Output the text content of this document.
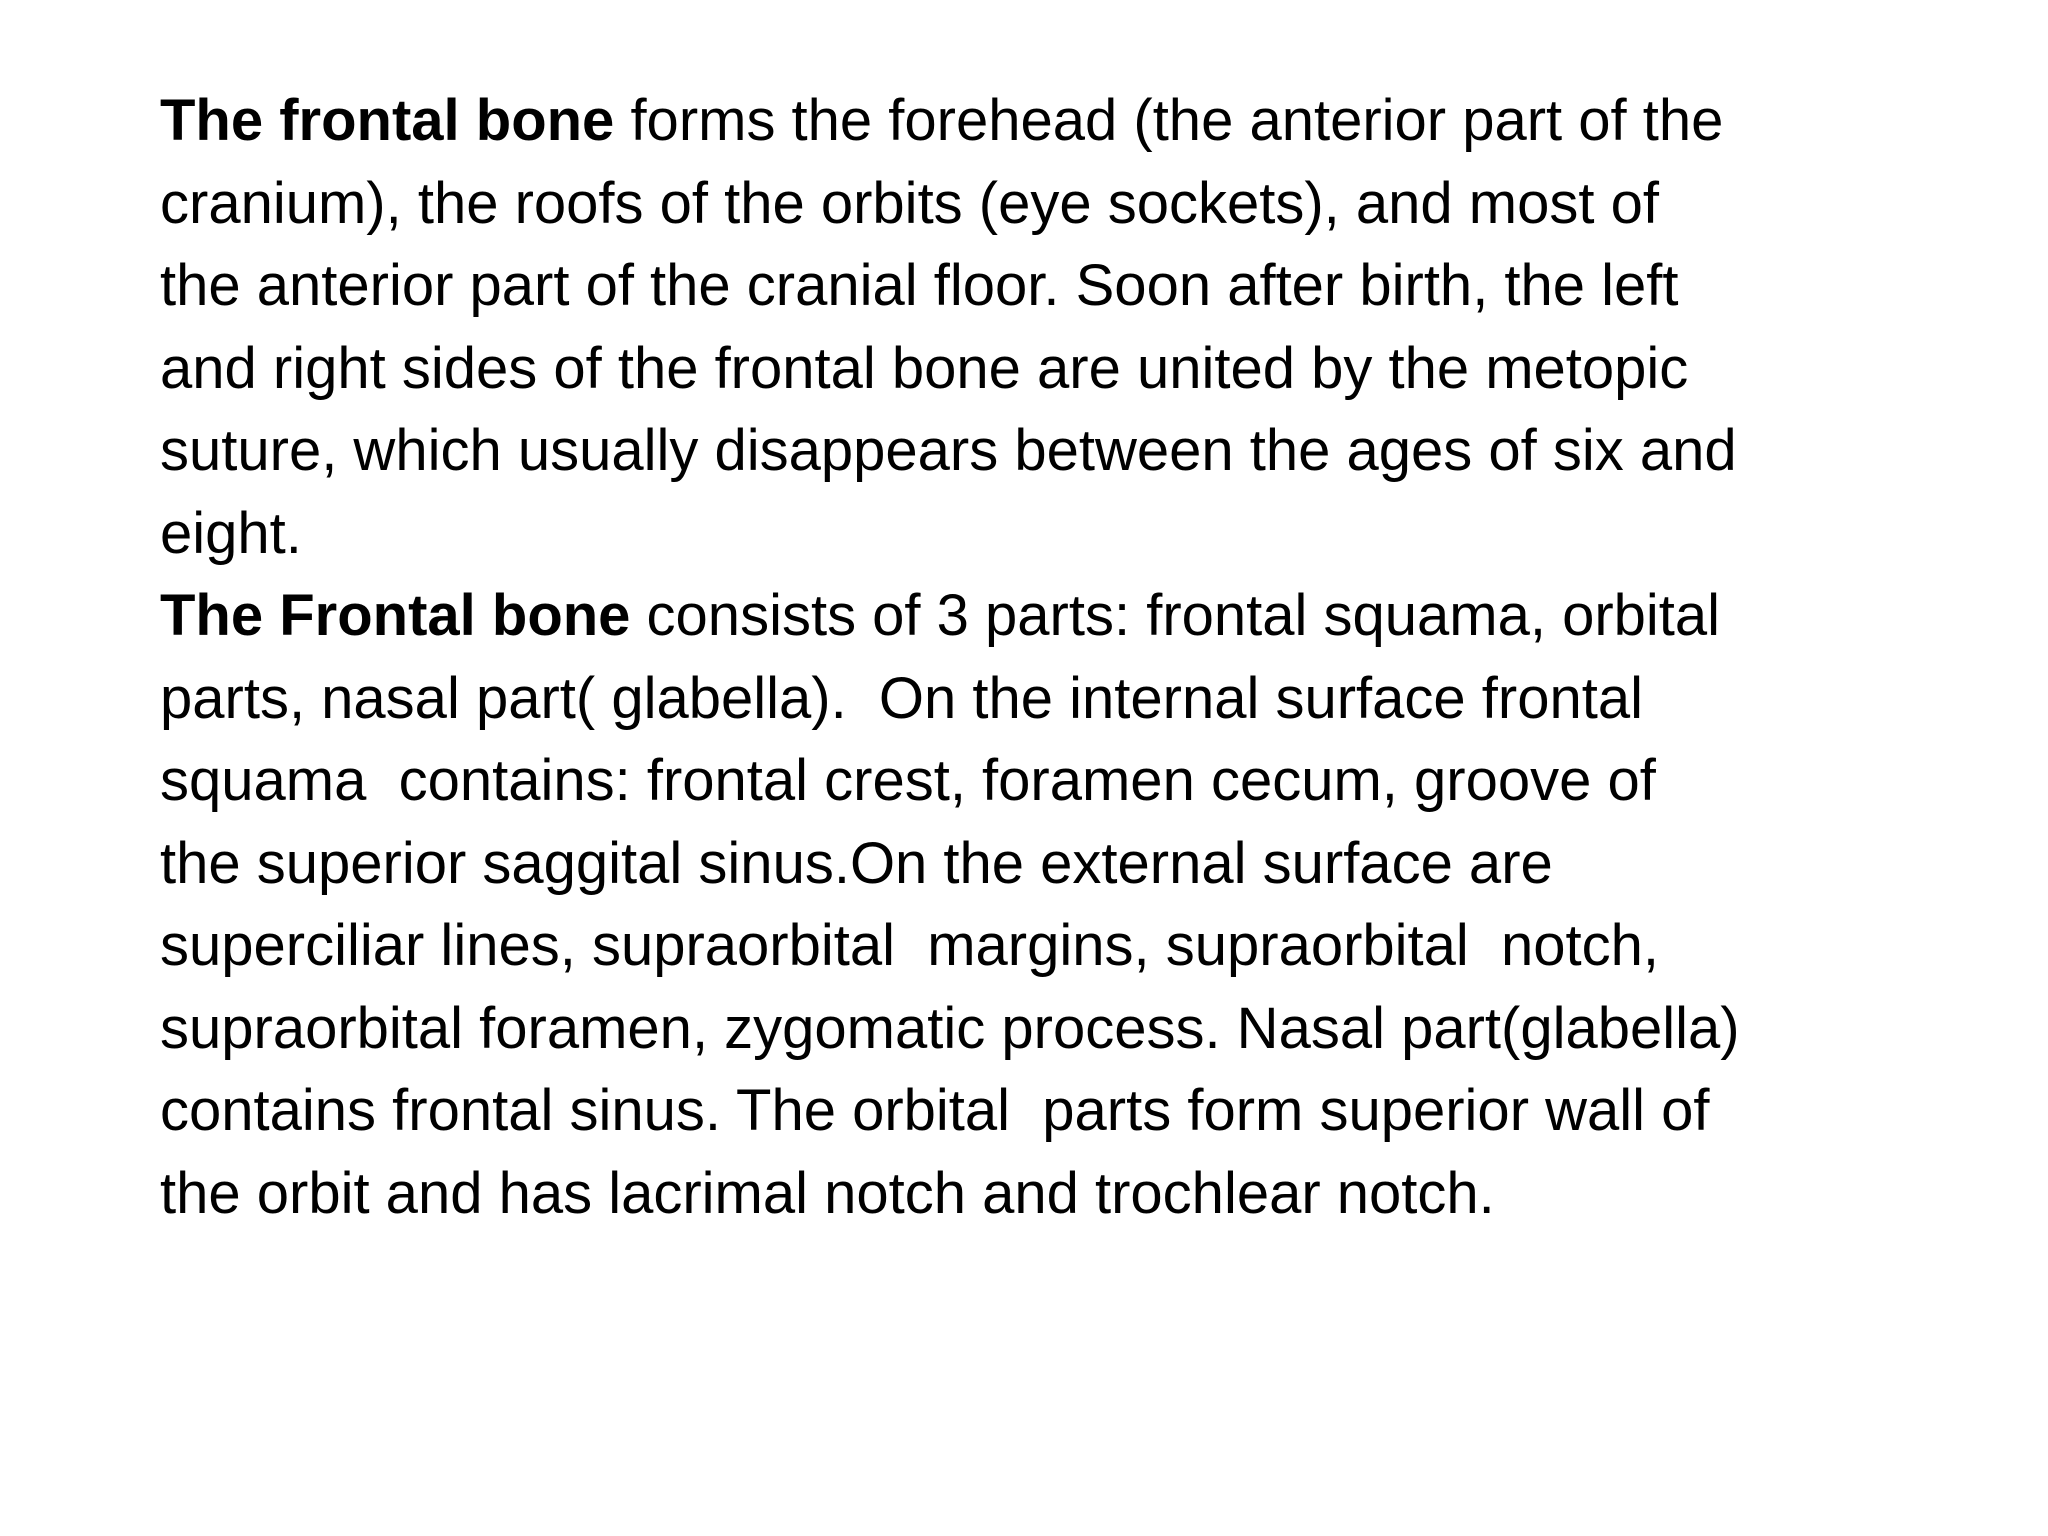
The frontal bone forms the forehead (the anterior part of the
cranium), the roofs of the orbits (eye sockets), and most of
the anterior part of the cranial floor. Soon after birth, the left
and right sides of the frontal bone are united by the metopic
suture, which usually disappears between the ages of six and
eight.
The Frontal bone consists of 3 parts: frontal squama, orbital
parts, nasal part( glabella).  On the internal surface frontal
squama  contains: frontal crest, foramen cecum, groove of
the superior saggital sinus.On the external surface are
superciliar lines, supraorbital  margins, supraorbital  notch,
supraorbital foramen, zygomatic process. Nasal part(glabella)
contains frontal sinus. The orbital  parts form superior wall of
the orbit and has lacrimal notch and trochlear notch.
